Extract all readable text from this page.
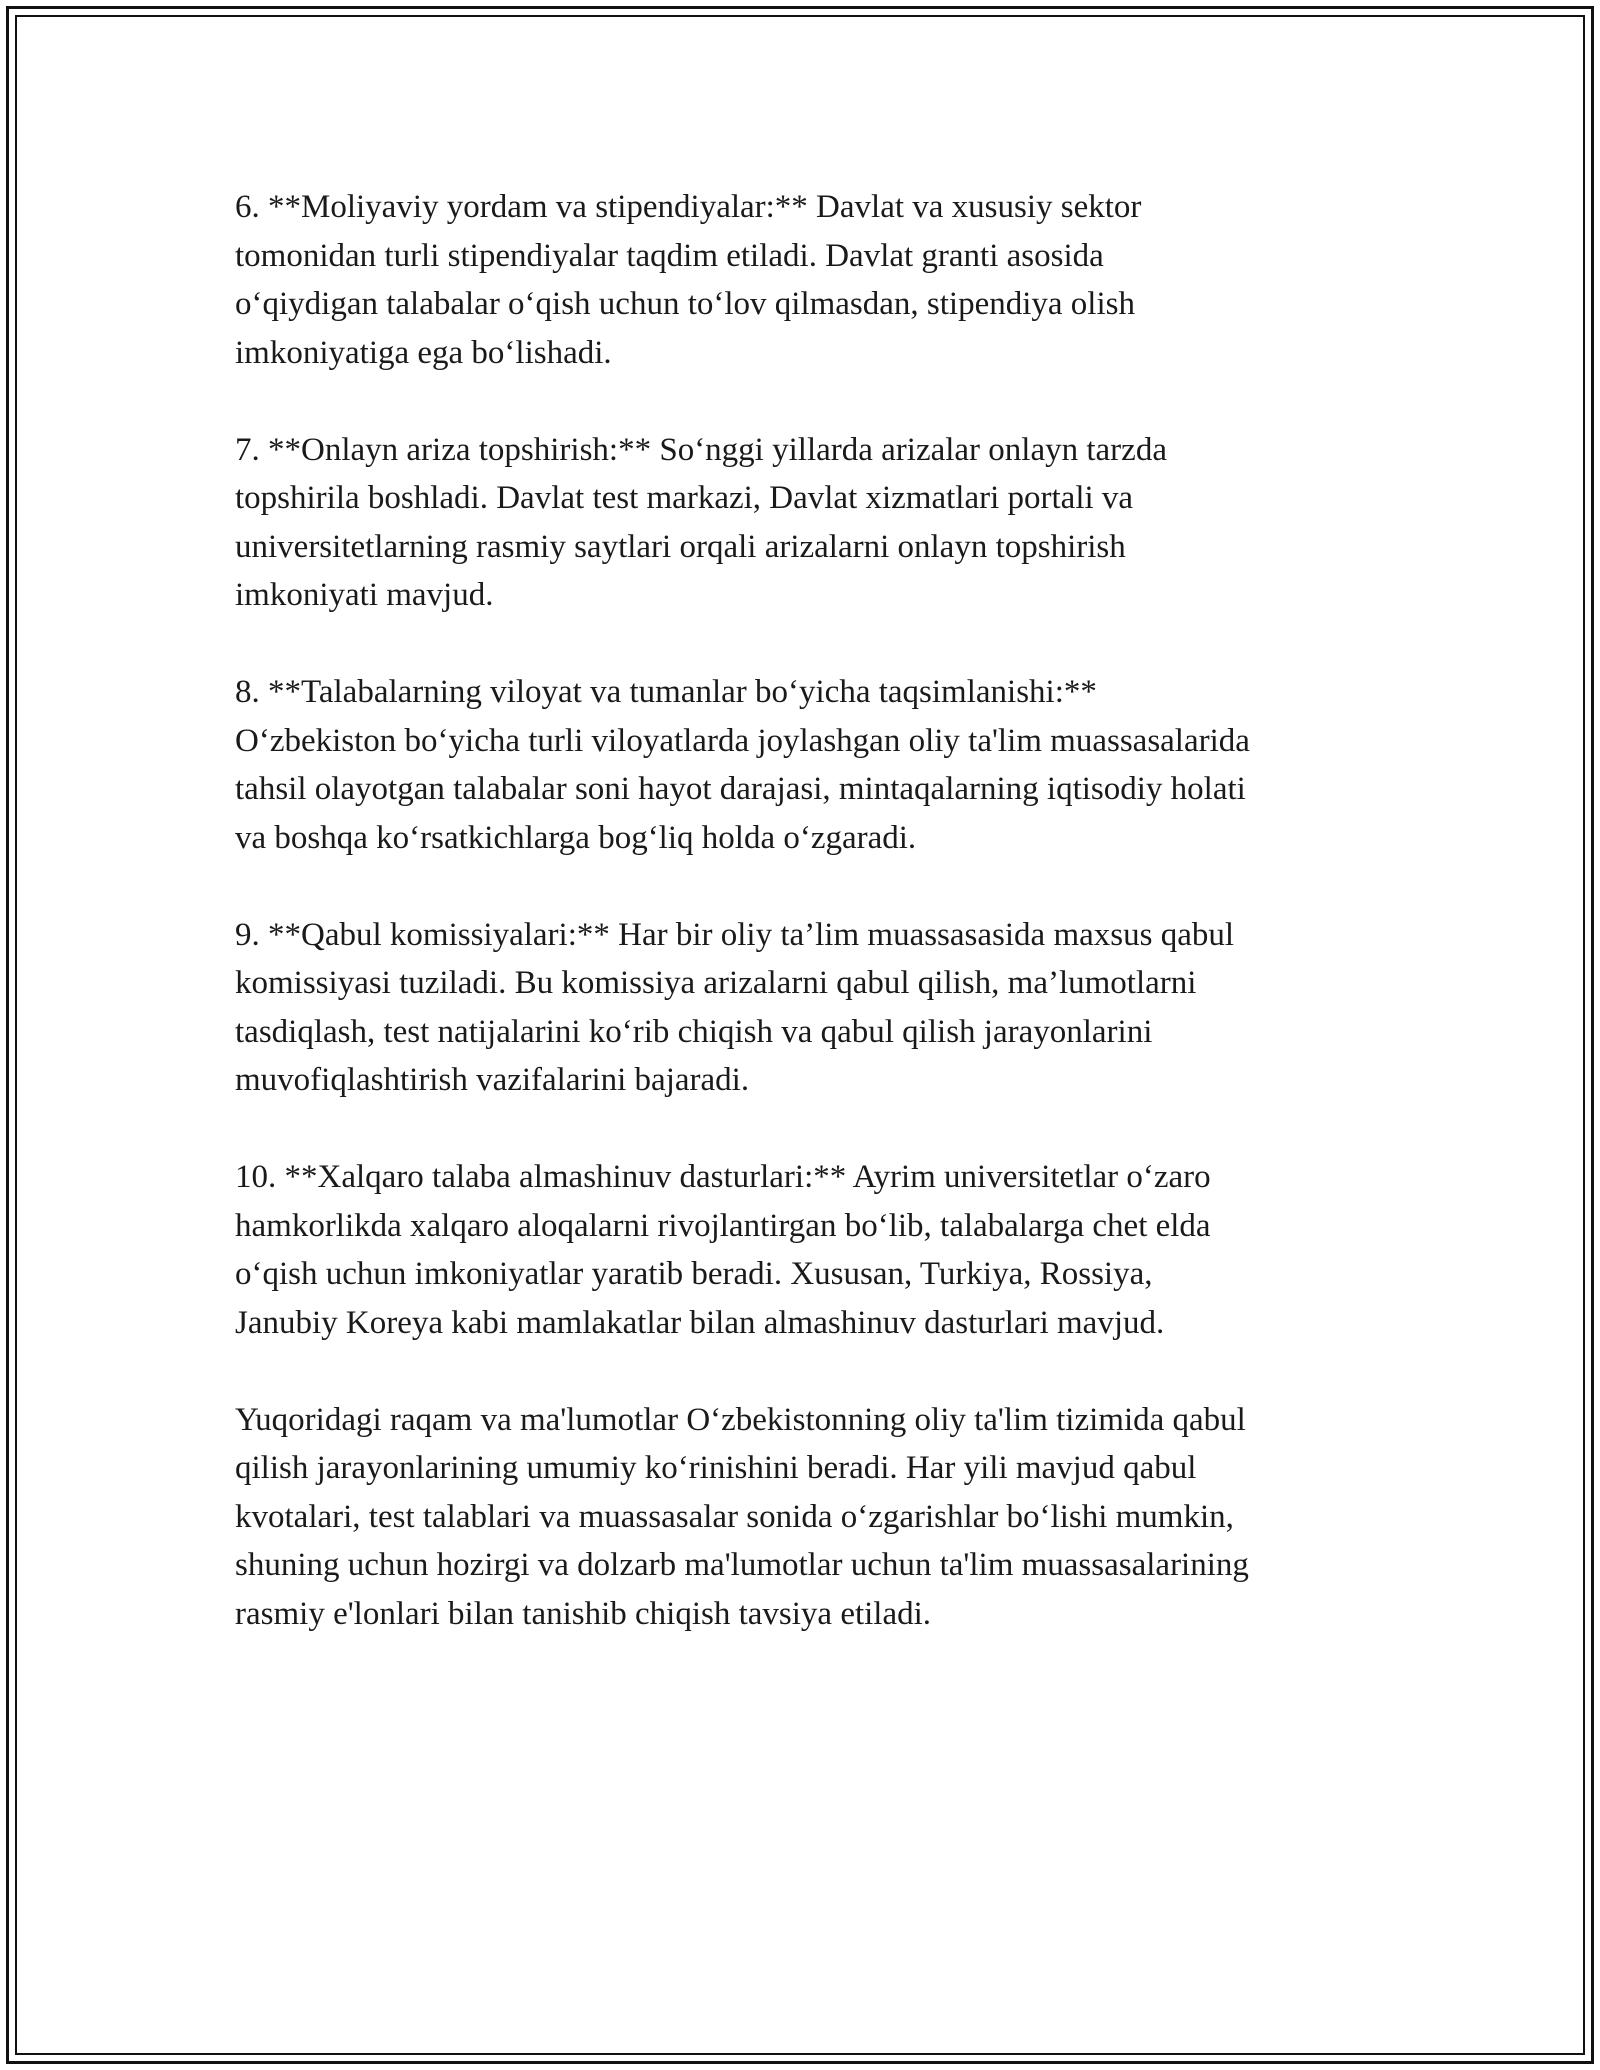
6. **Moliyaviy yordam va stipendiyalar:** Davlat va xususiy sektor
tomonidan turli stipendiyalar taqdim etiladi. Davlat granti asosida
o‘qiydigan talabalar o‘qish uchun to‘lov qilmasdan, stipendiya olish
imkoniyatiga ega bo‘lishadi.

7. **Onlayn ariza topshirish:** So‘nggi yillarda arizalar onlayn tarzda
topshirila boshladi. Davlat test markazi, Davlat xizmatlari portali va
universitetlarning rasmiy saytlari orqali arizalarni onlayn topshirish
imkoniyati mavjud.

8. **Talabalarning viloyat va tumanlar bo‘yicha taqsimlanishi:**
O‘zbekiston bo‘yicha turli viloyatlarda joylashgan oliy ta'lim muassasalarida
tahsil olayotgan talabalar soni hayot darajasi, mintaqalarning iqtisodiy holati
va boshqa ko‘rsatkichlarga bog‘liq holda o‘zgaradi.

9. **Qabul komissiyalari:** Har bir oliy ta’lim muassasasida maxsus qabul
komissiyasi tuziladi. Bu komissiya arizalarni qabul qilish, ma’lumotlarni
tasdiqlash, test natijalarini ko‘rib chiqish va qabul qilish jarayonlarini
muvofiqlashtirish vazifalarini bajaradi.

10. **Xalqaro talaba almashinuv dasturlari:** Ayrim universitetlar o‘zaro
hamkorlikda xalqaro aloqalarni rivojlantirgan bo‘lib, talabalarga chet elda
o‘qish uchun imkoniyatlar yaratib beradi. Xususan, Turkiya, Rossiya,
Janubiy Koreya kabi mamlakatlar bilan almashinuv dasturlari mavjud.

Yuqoridagi raqam va ma'lumotlar O‘zbekistonning oliy ta'lim tizimida qabul
qilish jarayonlarining umumiy ko‘rinishini beradi. Har yili mavjud qabul
kvotalari, test talablari va muassasalar sonida o‘zgarishlar bo‘lishi mumkin,
shuning uchun hozirgi va dolzarb ma'lumotlar uchun ta'lim muassasalarining
rasmiy e'lonlari bilan tanishib chiqish tavsiya etiladi.
